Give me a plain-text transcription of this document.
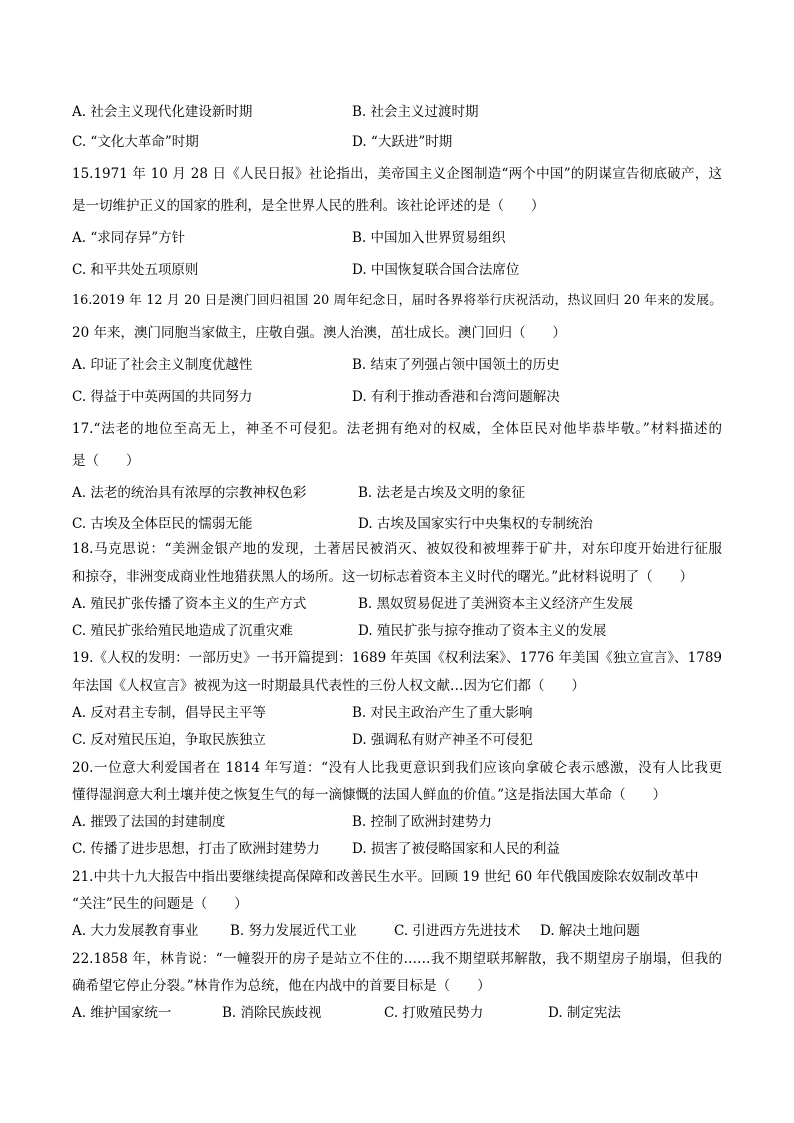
A. 社会主义现代化建设新时期	B. 社会主义过渡时期
C. “文化大革命”时期	D. “大跃进”时期
15.1971 年 10 月 28 日《人民日报》社论指出，美帝国主义企图制造“两个中国”的阴谋宣告彻底破产，这
是一切维护正义的国家的胜利，是全世界人民的胜利。该社论评述的是（　　）
A. “求同存异”方针	B. 中国加入世界贸易组织
C. 和平共处五项原则	D. 中国恢复联合国合法席位
16.2019 年 12 月 20 日是澳门回归祖国 20 周年纪念日，届时各界将举行庆祝活动，热议回归 20 年来的发展。
20 年来，澳门同胞当家做主，庄敬自强。澳人治澳，茁壮成长。澳门回归（　　）
A. 印证了社会主义制度优越性	B. 结束了列强占领中国领土的历史
C. 得益于中英两国的共同努力	D. 有利于推动香港和台湾问题解决
17.“法老的地位至高无上，神圣不可侵犯。法老拥有绝对的权威，全体臣民对他毕恭毕敬。”材料描述的
是（　　）
A. 法老的统治具有浓厚的宗教神权色彩	B. 法老是古埃及文明的象征
C. 古埃及全体臣民的懦弱无能	D. 古埃及国家实行中央集权的专制统治
18.马克思说：“美洲金银产地的发现，土著居民被消灭、被奴役和被埋葬于矿井，对东印度开始进行征服
和掠夺，非洲变成商业性地猎获黑人的场所。这一切标志着资本主义时代的曙光。”此材料说明了（　　）
A. 殖民扩张传播了资本主义的生产方式	B. 黑奴贸易促进了美洲资本主义经济产生发展
C. 殖民扩张给殖民地造成了沉重灾难	D. 殖民扩张与掠夺推动了资本主义的发展
19.《人权的发明：一部历史》一书开篇提到：1689 年英国《权利法案》、1776 年美国《独立宣言》、1789
年法国《人权宣言》被视为这一时期最具代表性的三份人权文献…因为它们都（　　）
A. 反对君主专制，倡导民主平等	B. 对民主政治产生了重大影响
C. 反对殖民压迫，争取民族独立	D. 强调私有财产神圣不可侵犯
20.一位意大利爱国者在 1814 年写道：“没有人比我更意识到我们应该向拿破仑表示感激，没有人比我更
懂得湿润意大利土壤并使之恢复生气的每一滴慷慨的法国人鲜血的价值。”这是指法国大革命（　　）
A. 摧毁了法国的封建制度	B. 控制了欧洲封建势力
C. 传播了进步思想，打击了欧洲封建势力 D. 损害了被侵略国家和人民的利益
21.中共十九大报告中指出要继续提高保障和改善民生水平。回顾 19 世纪 60 年代俄国废除农奴制改革中
“关注”民生的问题是（　　）
A. 大力发展教育事业 B. 努力发展近代工业	C. 引进西方先进技术 D. 解决土地问题
22.1858 年，林肯说：“一幢裂开的房子是站立不住的……我不期望联邦解散，我不期望房子崩塌，但我的
确希望它停止分裂。”林肯作为总统，他在内战中的首要目标是（　　）
A. 维护国家统一	B. 消除民族歧视	C. 打败殖民势力	D. 制定宪法
